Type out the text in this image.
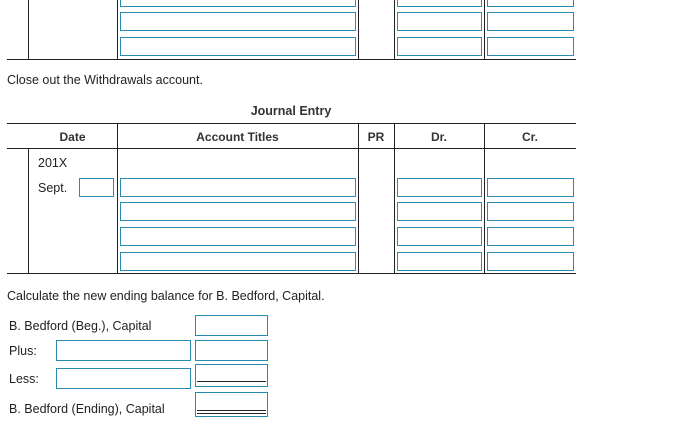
Close out the Withdrawals account.
Journal Entry
Date	Account Titles	PR	Dr.	Cr.
201X
Sept.
Calculate the new ending balance for B. Bedford, Capital.
B. Bedford (Beg.), Capital
Plus:
Less:
B. Bedford (Ending), Capital
